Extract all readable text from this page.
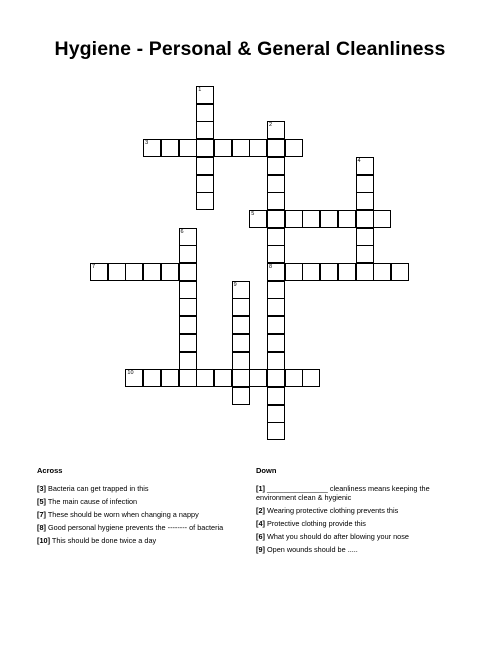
Hygiene - Personal & General Cleanliness
1
2
8
3
4
5
6
7
9
10
Across	Down
[3] Bacteria can get trapped in this
[5] The main cause of infection
[7] These should be worn when changing a nappy
[8] Good personal hygiene prevents the -------- of bacteria
[10] This should be done twice a day
[1] _______________ cleanliness means keeping the environment clean & hygienic
[2] Wearing protective clothing prevents this
[4] Protective clothing provide this
[6] What you should do after blowing your nose
[9] Open wounds should be .....
